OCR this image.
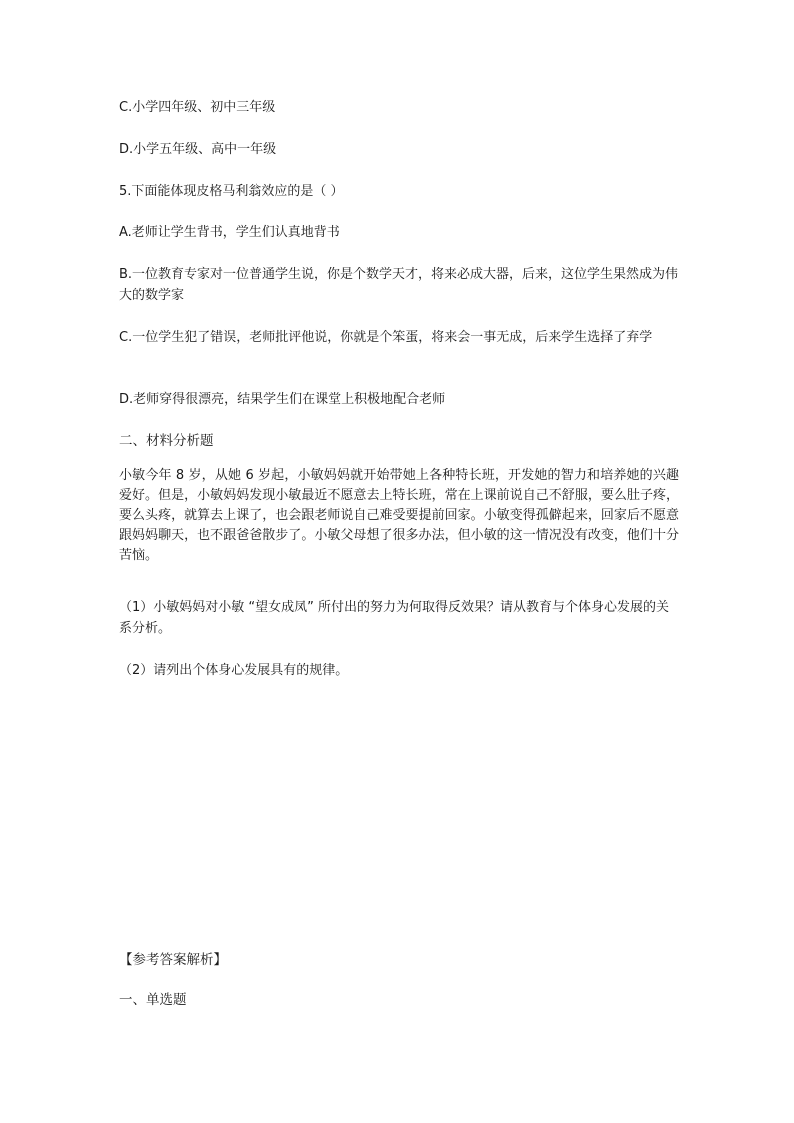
C.小学四年级、初中三年级

D.小学五年级、高中一年级

5.下面能体现皮格马利翁效应的是（ ）

A.老师让学生背书，学生们认真地背书

B.一位教育专家对一位普通学生说，你是个数学天才，将来必成大器，后来，这位学生果然成为伟大的数学家

C.一位学生犯了错误，老师批评他说，你就是个笨蛋，将来会一事无成，后来学生选择了弃学

D.老师穿得很漂亮，结果学生们在课堂上积极地配合老师

二、材料分析题

小敏今年 8 岁，从她 6 岁起，小敏妈妈就开始带她上各种特长班，开发她的智力和培养她的兴趣爱好。但是，小敏妈妈发现小敏最近不愿意去上特长班，常在上课前说自己不舒服，要么肚子疼，要么头疼，就算去上课了，也会跟老师说自己难受要提前回家。小敏变得孤僻起来，回家后不愿意跟妈妈聊天，也不跟爸爸散步了。小敏父母想了很多办法，但小敏的这一情况没有改变，他们十分苦恼。

（1）小敏妈妈对小敏 “望女成凤” 所付出的努力为何取得反效果？请从教育与个体身心发展的关系分析。

（2）请列出个体身心发展具有的规律。

【参考答案解析】

一、单选题
